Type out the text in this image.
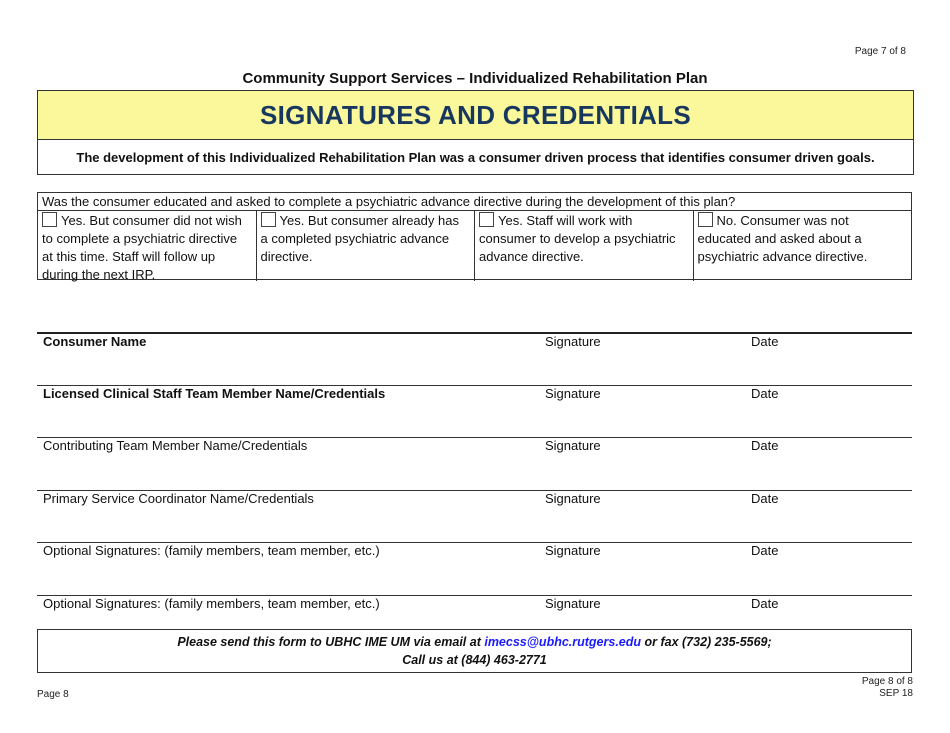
Page 7 of 8
Community Support Services – Individualized Rehabilitation Plan
SIGNATURES AND CREDENTIALS
The development of this Individualized Rehabilitation Plan was a consumer driven process that identifies consumer driven goals.
Was the consumer educated and asked to complete a psychiatric advance directive during the development of this plan?
Yes. But consumer did not wish
to complete a psychiatric directive
at this time. Staff will follow up
during the next IRP.
Yes. But consumer already has
a completed psychiatric advance
directive.
Yes. Staff will work with
consumer to develop a psychiatric
advance directive.
No. Consumer was not
educated and asked about a
psychiatric advance directive.
Consumer Name	Signature	Date
Licensed Clinical Staff Team Member Name/Credentials	Signature	Date
Contributing Team Member Name/Credentials	Signature	Date
Primary Service Coordinator Name/Credentials	Signature	Date
Optional Signatures: (family members, team member, etc.)	Signature	Date
Optional Signatures: (family members, team member, etc.)	Signature	Date
Please send this form to UBHC IME UM via email at imecss@ubhc.rutgers.edu or fax (732) 235-5569;
Call us at (844) 463-2771
Page 8
Page 8 of 8
SEP 18
